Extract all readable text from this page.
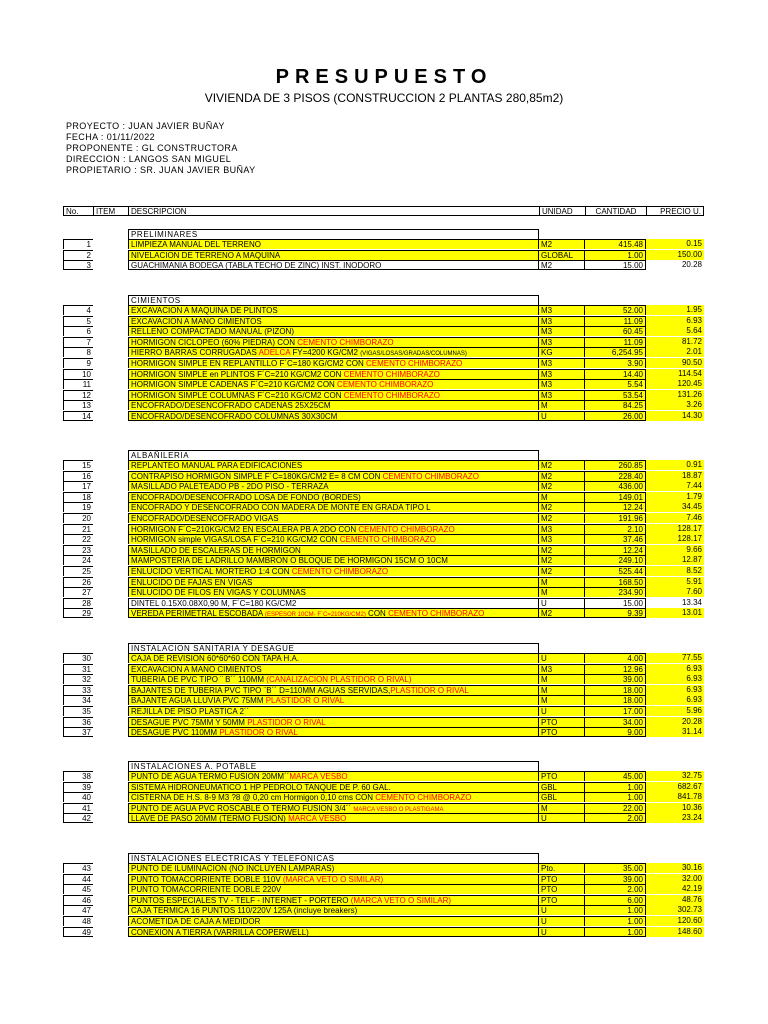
PRESUPUESTO
VIVIENDA DE 3 PISOS (CONSTRUCCION 2 PLANTAS 280,85m2)
PROYECTO : JUAN JAVIER BUÑAY
FECHA : 01/11/2022
PROPONENTE : GL CONSTRUCTORA
DIRECCION : LANGOS SAN MIGUEL
PROPIETARIO : SR. JUAN JAVIER BUÑAY
No.	ITEM	DESCRIPCION	UNIDAD	CANTIDAD	PRECIO U.
PRELIMINARES
1	LIMPIEZA MANUAL DEL TERRENO	M2	415.48	0.15
2	NIVELACION DE TERRENO A MAQUINA	GLOBAL	1.00	150.00
3	GUACHIMANIA BODEGA (TABLA TECHO DE ZINC) INST. INODORO	M2	15.00	20.28
CIMIENTOS
4	EXCAVACION A MAQUINA DE PLINTOS	M3	52.00	1.95
5	EXCAVACION A MANO CIMIENTOS	M3	11.09	6.93
6	RELLENO COMPACTADO MANUAL (PIZON)	M3	60.45	5.64
7	HORMIGON CICLOPEO (60% PIEDRA) CON CEMENTO CHIMBORAZO	M3	11.09	81.72
8	HIERRO BARRAS CORRUGADAS ADELCA FY=4200 KG/CM2 (VIGAS/LOSAS/GRADAS/COLUMNAS)	KG	6,254.95	2.01
9	HORMIGON SIMPLE EN REPLANTILLO F´C=180 KG/CM2 CON CEMENTO CHIMBORAZO	M3	3.90	90.50
10	HORMIGON SIMPLE en PLINTOS F´C=210 KG/CM2 CON CEMENTO CHIMBORAZO	M3	14.40	114.54
11	HORMIGON SIMPLE CADENAS F´C=210 KG/CM2 CON CEMENTO CHIMBORAZO	M3	5.54	120.45
12	HORMIGON SIMPLE COLUMNAS F´C=210 KG/CM2 CON CEMENTO CHIMBORAZO	M3	53.54	131.26
13	ENCOFRADO/DESENCOFRADO CADENAS 25X25CM	M	84.25	3.26
14	ENCOFRADO/DESENCOFRADO COLUMNAS 30X30CM	U	26.00	14.30
ALBAÑILERIA
15	REPLANTEO MANUAL PARA EDIFICACIONES	M2	260.85	0.91
16	CONTRAPISO HORMIGON SIMPLE F´C=180KG/CM2 E= 8 CM CON CEMENTO CHIMBORAZO	M2	228.40	18.87
17	MASILLADO PALETEADO PB - 2DO PISO - TERRAZA	M2	436.00	7.44
18	ENCOFRADO/DESENCOFRADO LOSA DE FONDO (BORDES)	M	149.01	1.79
19	ENCOFRADO Y DESENCOFRADO CON MADERA DE MONTE EN GRADA TIPO L	M2	12.24	34.45
20	ENCOFRADO/DESENCOFRADO VIGAS	M2	191.96	7.46
21	HORMIGON F´C=210KG/CM2 EN ESCALERA PB A 2DO CON CEMENTO CHIMBORAZO	M3	2.10	128.17
22	HORMIGON simple VIGAS/LOSA F´C=210 KG/CM2 CON CEMENTO CHIMBORAZO	M3	37.46	128.17
23	MASILLADO DE ESCALERAS DE HORMIGON	M2	12.24	9.66
24	MAMPOSTERIA DE LADRILLO MAMBRON O BLOQUE DE HORMIGON 15CM O 10CM	M2	249.10	12.87
25	ENLUCIDO VERTICAL MORTERO 1:4 CON CEMENTO CHIMBORAZO	M2	525.44	8.52
26	ENLUCIDO DE FAJAS EN VIGAS	M	168.50	5.91
27	ENLUCIDO DE FILOS EN VIGAS Y COLUMNAS	M	234.90	7.60
28	DINTEL 0.15X0.08X0,90 M, F´C=180 KG/CM2	U	15.00	13.34
29	VEREDA PERIMETRAL ESCOBADA (ESPESOR 10CM- F´C=210KG/CM2) CON CEMENTO CHIMBORAZO	M2	9.39	13.01
INSTALACION SANITARIA Y DESAGUE
30	CAJA DE REVISION 60*60*60 CON TAPA H.A.	U	4.00	77.55
31	EXCAVACION A MANO CIMIENTOS	M3	12.96	6.93
32	TUBERIA DE PVC TIPO ¨ B´´ 110MM (CANALIZACION PLASTIDOR O RIVAL)	M	39.00	6.93
33	BAJANTES DE TUBERIA PVC TIPO ¨B´´ D=110MM AGUAS SERVIDAS,PLASTIDOR O RIVAL	M	18.00	6.93
34	BAJANTE AGUA LLUVIA PVC 75MM PLASTIDOR O RIVAL	M	18.00	6.93
35	REJILLA DE PISO PLASTICA 2´´	U	17.00	5.96
36	DESAGUE PVC 75MM Y 50MM PLASTIDOR O RIVAL	PTO	34.00	20.28
37	DESAGUE PVC 110MM PLASTIDOR O RIVAL	PTO	9.00	31.14
INSTALACIONES A. POTABLE
38	PUNTO DE AGUA TERMO FUSION 20MM´´MARCA VESBO	PTO	45.00	32.75
39	SISTEMA HIDRONEUMATICO 1 HP PEDROLO TANQUE DE P. 60 GAL.	GBL	1.00	682.67
40	CISTERNA DE H.S. 8-9 M3 ?8 @ 0,20 cm Hormigon 0,10 cms CON CEMENTO CHIMBORAZO	GBL	1.00	841.78
41	PUNTO DE AGUA PVC ROSCABLE O TERMO FUSION 3/4´´ MARCA VESBO O PLASTIGAMA	M	22.00	10.36
42	LLAVE DE PASO 20MM (TERMO FUSION) MARCA VESBO	U	2.00	23.24
INSTALACIONES ELECTRICAS Y TELEFONICAS
43	PUNTO DE ILUMINACION (NO INCLUYEN LAMPARAS)	Pto.	35.00	30.16
44	PUNTO TOMACORRIENTE DOBLE 110V (MARCA VETO O SIMILAR)	PTO	39.00	32.00
45	PUNTO TOMACORRIENTE DOBLE 220V	PTO	2.00	42.19
46	PUNTOS ESPECIALES TV - TELF - INTERNET - PORTERO (MARCA VETO O SIMILAR)	PTO	6.00	48.76
47	CAJA TERMICA 16 PUNTOS 110/220V 125A (incluye breakers)	U	1.00	302.73
48	ACOMETIDA DE CAJA A MEDIDOR	U	1.00	120.60
49	CONEXION A TIERRA (VARRILLA COPERWELL)	U	1.00	148.60
